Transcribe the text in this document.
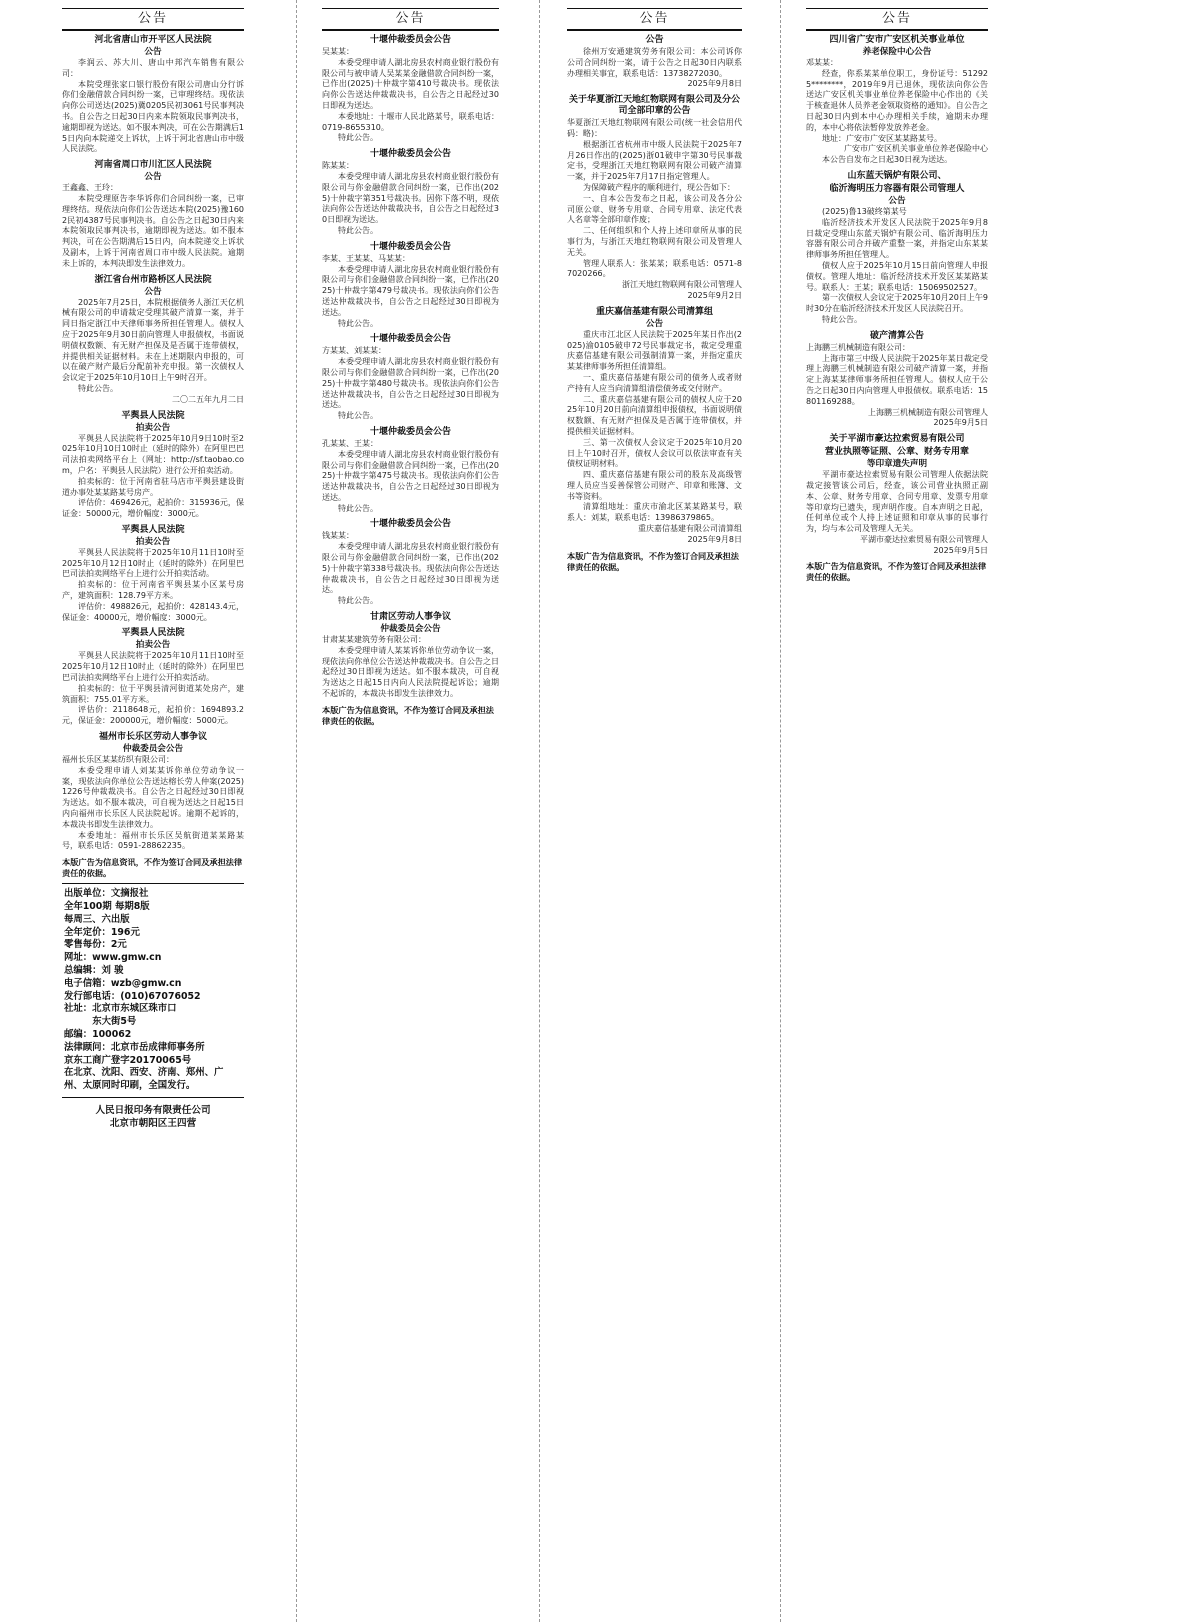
公告
河北省唐山市开平区人民法院
公告

李润云、苏大川、唐山中邦汽车销售有限公司：

本院受理张家口银行股份有限公司唐山分行诉你们金融借款合同纠纷一案，已审理终结。现依法向你公司送达(2025)冀0205民初3061号民事判决书。自公告之日起30日内来本院领取民事判决书，逾期即视为送达。如不服本判决，可在公告期满后15日内向本院递交上诉状，上诉于河北省唐山市中级人民法院。

河南省周口市川汇区人民法院
公告

王鑫鑫、王玲：

本院受理原告李华诉你们合同纠纷一案，已审理终结。现依法向你们公告送达本院(2025)豫1602民初4387号民事判决书。自公告之日起30日内来本院领取民事判决书，逾期即视为送达。如不服本判决，可在公告期满后15日内，向本院递交上诉状及副本，上诉于河南省周口市中级人民法院。逾期未上诉的，本判决即发生法律效力。

浙江省台州市路桥区人民法院
公告

2025年7月25日，本院根据债务人浙江天亿机械有限公司的申请裁定受理其破产清算一案，并于同日指定浙江中天律师事务所担任管理人。债权人应于2025年9月30日前向管理人申报债权，书面说明债权数额、有无财产担保及是否属于连带债权，并提供相关证据材料。未在上述期限内申报的，可以在破产财产最后分配前补充申报。第一次债权人会议定于2025年10月10日上午9时召开。

特此公告。

二〇二五年九月二日

平舆县人民法院
拍卖公告

平舆县人民法院将于2025年10月9日10时至2025年10月10日10时止（延时的除外）在阿里巴巴司法拍卖网络平台上（网址：http://sf.taobao.com，户名：平舆县人民法院）进行公开拍卖活动。

拍卖标的：位于河南省驻马店市平舆县建设街道办事处某某路某号房产。

评估价：469426元，起拍价：315936元，保证金：50000元，增价幅度：3000元。

平舆县人民法院
拍卖公告

平舆县人民法院将于2025年10月11日10时至2025年10月12日10时止（延时的除外）在阿里巴巴司法拍卖网络平台上进行公开拍卖活动。

拍卖标的：位于河南省平舆县某小区某号房产，建筑面积：128.79平方米。

评估价：498826元，起拍价：428143.4元，保证金：40000元，增价幅度：3000元。

平舆县人民法院
拍卖公告

平舆县人民法院将于2025年10月11日10时至2025年10月12日10时止（延时的除外）在阿里巴巴司法拍卖网络平台上进行公开拍卖活动。

拍卖标的：位于平舆县清河街道某处房产，建筑面积：755.01平方米。

评估价：2118648元，起拍价：1694893.2元，保证金：200000元，增价幅度：5000元。

福州市长乐区劳动人事争议
仲裁委员会公告

福州长乐区某某纺织有限公司：

本委受理申请人刘某某诉你单位劳动争议一案，现依法向你单位公告送达榕长劳人仲案(2025)1226号仲裁裁决书。自公告之日起经过30日即视为送达。如不服本裁决，可自视为送达之日起15日内向福州市长乐区人民法院起诉。逾期不起诉的，本裁决书即发生法律效力。

本委地址：福州市长乐区吴航街道某某路某号，联系电话：0591-28862235。

本版广告为信息资讯，不作为签订合同及承担法律责任的依据。

出版单位：文摘报社

全年100期 每期8版

每周三、六出版

全年定价：196元

零售每份：2元

网址：www.gmw.cn

总编辑：刘 骏

电子信箱：wzb@gmw.cn

发行部电话：(010)67076052

社址：北京市东城区珠市口

东大街5号

邮编：100062

法律顾问：北京市岳成律师事务所

京东工商广登字20170065号

在北京、沈阳、西安、济南、郑州、广州、太原同时印刷，全国发行。

人民日报印务有限责任公司

北京市朝阳区王四营

公告
十堰仲裁委员会公告

吴某某：

本委受理申请人湖北房县农村商业银行股份有限公司与被申请人吴某某金融借款合同纠纷一案，已作出(2025)十仲裁字第410号裁决书。现依法向你公告送达仲裁裁决书，自公告之日起经过30日即视为送达。

本委地址：十堰市人民北路某号，联系电话：0719-8655310。

特此公告。

十堰仲裁委员会公告

陈某某：

本委受理申请人湖北房县农村商业银行股份有限公司与你金融借款合同纠纷一案，已作出(2025)十仲裁字第351号裁决书。因你下落不明，现依法向你公告送达仲裁裁决书，自公告之日起经过30日即视为送达。

特此公告。

十堰仲裁委员会公告

李某、王某某、马某某：

本委受理申请人湖北房县农村商业银行股份有限公司与你们金融借款合同纠纷一案，已作出(2025)十仲裁字第479号裁决书。现依法向你们公告送达仲裁裁决书，自公告之日起经过30日即视为送达。

特此公告。

十堰仲裁委员会公告

方某某、刘某某：

本委受理申请人湖北房县农村商业银行股份有限公司与你们金融借款合同纠纷一案，已作出(2025)十仲裁字第480号裁决书。现依法向你们公告送达仲裁裁决书，自公告之日起经过30日即视为送达。

特此公告。

十堰仲裁委员会公告

孔某某、王某：

本委受理申请人湖北房县农村商业银行股份有限公司与你们金融借款合同纠纷一案，已作出(2025)十仲裁字第475号裁决书。现依法向你们公告送达仲裁裁决书，自公告之日起经过30日即视为送达。

特此公告。

十堰仲裁委员会公告

钱某某：

本委受理申请人湖北房县农村商业银行股份有限公司与你金融借款合同纠纷一案，已作出(2025)十仲裁字第338号裁决书。现依法向你公告送达仲裁裁决书，自公告之日起经过30日即视为送达。

特此公告。

甘肃区劳动人事争议
仲裁委员会公告

甘肃某某建筑劳务有限公司：

本委受理申请人某某诉你单位劳动争议一案，现依法向你单位公告送达仲裁裁决书。自公告之日起经过30日即视为送达。如不服本裁决，可自视为送达之日起15日内向人民法院提起诉讼；逾期不起诉的，本裁决书即发生法律效力。

本版广告为信息资讯，不作为签订合同及承担法律责任的依据。
公告
公告

徐州万安通建筑劳务有限公司：本公司诉你公司合同纠纷一案，请于公告之日起30日内联系办理相关事宜，联系电话：13738272030。

2025年9月8日

关于华夏浙江天地红物联网有限公司及分公司全部印章的公告

华夏浙江天地红物联网有限公司(统一社会信用代码：略)：

根据浙江省杭州市中级人民法院于2025年7月26日作出的(2025)浙01破申字第30号民事裁定书，受理浙江天地红物联网有限公司破产清算一案，并于2025年7月17日指定管理人。

为保障破产程序的顺利进行，现公告如下：

一、自本公告发布之日起，该公司及各分公司原公章、财务专用章、合同专用章、法定代表人名章等全部印章作废；

二、任何组织和个人持上述印章所从事的民事行为，与浙江天地红物联网有限公司及管理人无关。

管理人联系人：张某某；联系电话：0571-87020266。

浙江天地红物联网有限公司管理人

2025年9月2日

重庆嘉信基建有限公司清算组
公告

重庆市江北区人民法院于2025年某日作出(2025)渝0105破申72号民事裁定书，裁定受理重庆嘉信基建有限公司强制清算一案，并指定重庆某某律师事务所担任清算组。

一、重庆嘉信基建有限公司的债务人或者财产持有人应当向清算组清偿债务或交付财产。

二、重庆嘉信基建有限公司的债权人应于2025年10月20日前向清算组申报债权，书面说明债权数额、有无财产担保及是否属于连带债权，并提供相关证据材料。

三、第一次债权人会议定于2025年10月20日上午10时召开，债权人会议可以依法审查有关债权证明材料。

四、重庆嘉信基建有限公司的股东及高级管理人员应当妥善保管公司财产、印章和账簿、文书等资料。

清算组地址：重庆市渝北区某某路某号，联系人：刘某，联系电话：13986379865。

重庆嘉信基建有限公司清算组

2025年9月8日

本版广告为信息资讯，不作为签订合同及承担法律责任的依据。
公告
四川省广安市广安区机关事业单位
养老保险中心公告

邓某某：

经查，你系某某单位职工，身份证号：512925********，2019年9月已退休，现依法向你公告送达广安区机关事业单位养老保险中心作出的《关于核查退休人员养老金领取资格的通知》。自公告之日起30日内到本中心办理相关手续，逾期未办理的，本中心将依法暂停发放养老金。

地址：广安市广安区某某路某号。

广安市广安区机关事业单位养老保险中心

本公告自发布之日起30日视为送达。

山东蓝天锅炉有限公司、
临沂海明压力容器有限公司管理人
公告

(2025)鲁13破终第某号

临沂经济技术开发区人民法院于2025年9月8日裁定受理山东蓝天锅炉有限公司、临沂海明压力容器有限公司合并破产重整一案，并指定山东某某律师事务所担任管理人。

债权人应于2025年10月15日前向管理人申报债权。管理人地址：临沂经济技术开发区某某路某号。联系人：王某；联系电话：15069502527。

第一次债权人会议定于2025年10月20日上午9时30分在临沂经济技术开发区人民法院召开。

特此公告。

破产清算公告

上海鹏三机械制造有限公司：

上海市第三中级人民法院于2025年某日裁定受理上海鹏三机械制造有限公司破产清算一案，并指定上海某某律师事务所担任管理人。债权人应于公告之日起30日内向管理人申报债权。联系电话：15801169288。

上海鹏三机械制造有限公司管理人

2025年9月5日

关于平湖市豪达拉索贸易有限公司
营业执照等证照、公章、财务专用章
等印章遗失声明

平湖市豪达拉索贸易有限公司管理人依据法院裁定接管该公司后，经查，该公司营业执照正副本、公章、财务专用章、合同专用章、发票专用章等印章均已遗失，现声明作废。自本声明之日起，任何单位或个人持上述证照和印章从事的民事行为，均与本公司及管理人无关。

平湖市豪达拉索贸易有限公司管理人

2025年9月5日

本版广告为信息资讯，不作为签订合同及承担法律责任的依据。
